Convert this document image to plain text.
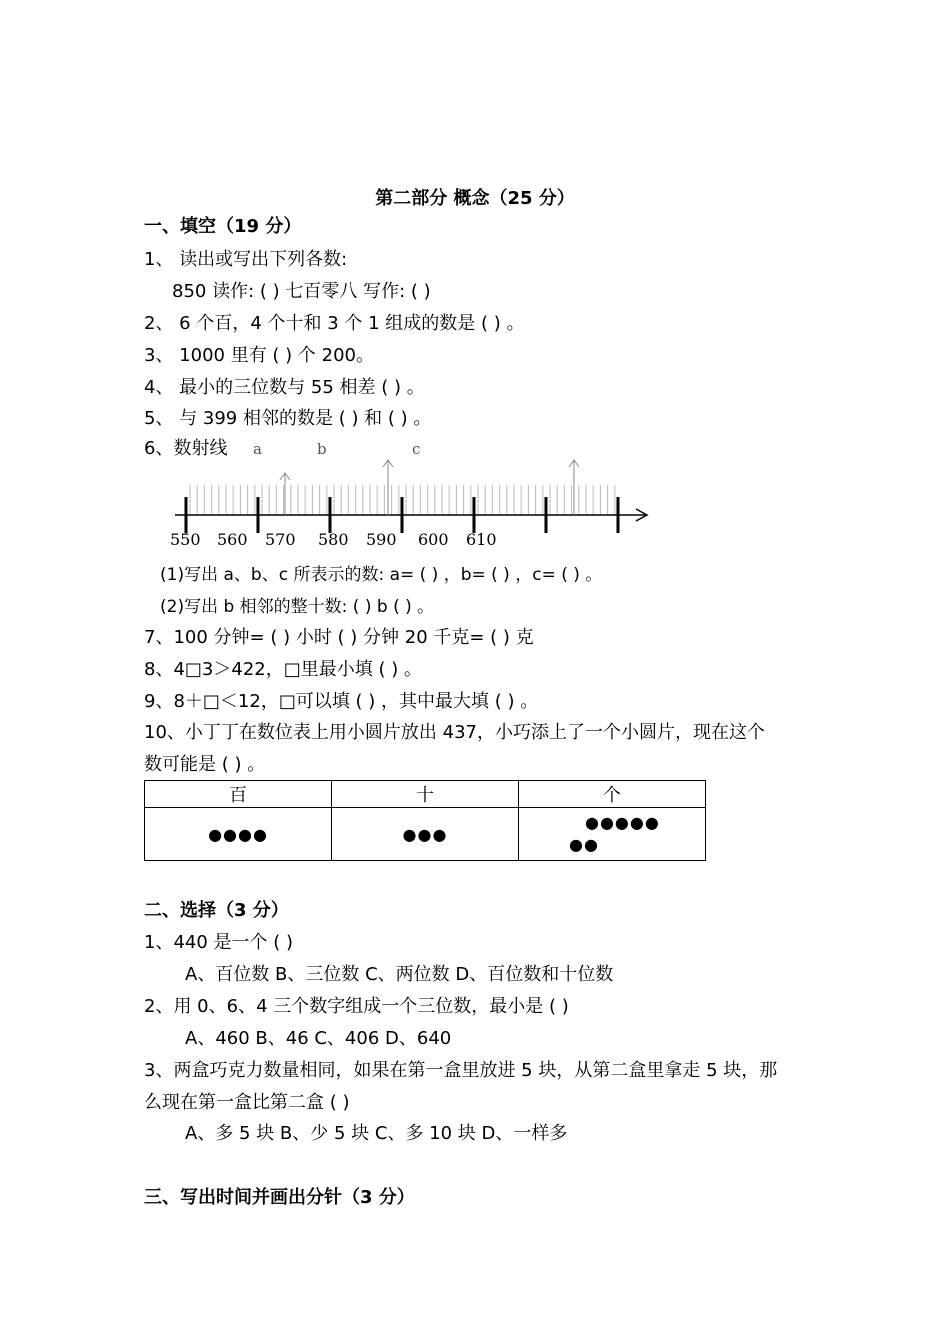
第二部分 概念（25 分）
一、填空（19 分）
1、 读出或写出下列各数:
850 读作: ( ) 七百零八 写作: ( )
2、 6 个百，4 个十和 3 个 1 组成的数是 ( ) 。
3、 1000 里有 ( ) 个 200。
4、 最小的三位数与 55 相差 ( ) 。
5、 与 399 相邻的数是 ( ) 和 ( ) 。
6、数射线 a	b	c
550 560 570 580 590 600 610
(1)写出 a、b、c 所表示的数: a= ( ) ，b= ( ) ，c= ( ) 。
(2)写出 b 相邻的整十数: ( ) b ( ) 。
7、100 分钟= ( ) 小时 ( ) 分钟 20 千克= ( ) 克
8、4□3＞422，□里最小填 ( ) 。
9、8＋□＜12，□可以填 ( ) ，其中最大填 ( ) 。
10、小丁丁在数位表上用小圆片放出 437，小巧添上了一个小圆片，现在这个
数可能是 ( ) 。
百	十	个
●●●●	●●●	●●●●●
●●
二、选择（3 分）
1、440 是一个 ( )
A、百位数 B、三位数 C、两位数 D、百位数和十位数
2、用 0、6、4 三个数字组成一个三位数，最小是 ( )
A、460 B、46 C、406 D、640
3、两盒巧克力数量相同，如果在第一盒里放进 5 块，从第二盒里拿走 5 块，那
么现在第一盒比第二盒 ( )
A、多 5 块 B、少 5 块 C、多 10 块 D、一样多
三、写出时间并画出分针（3 分）
